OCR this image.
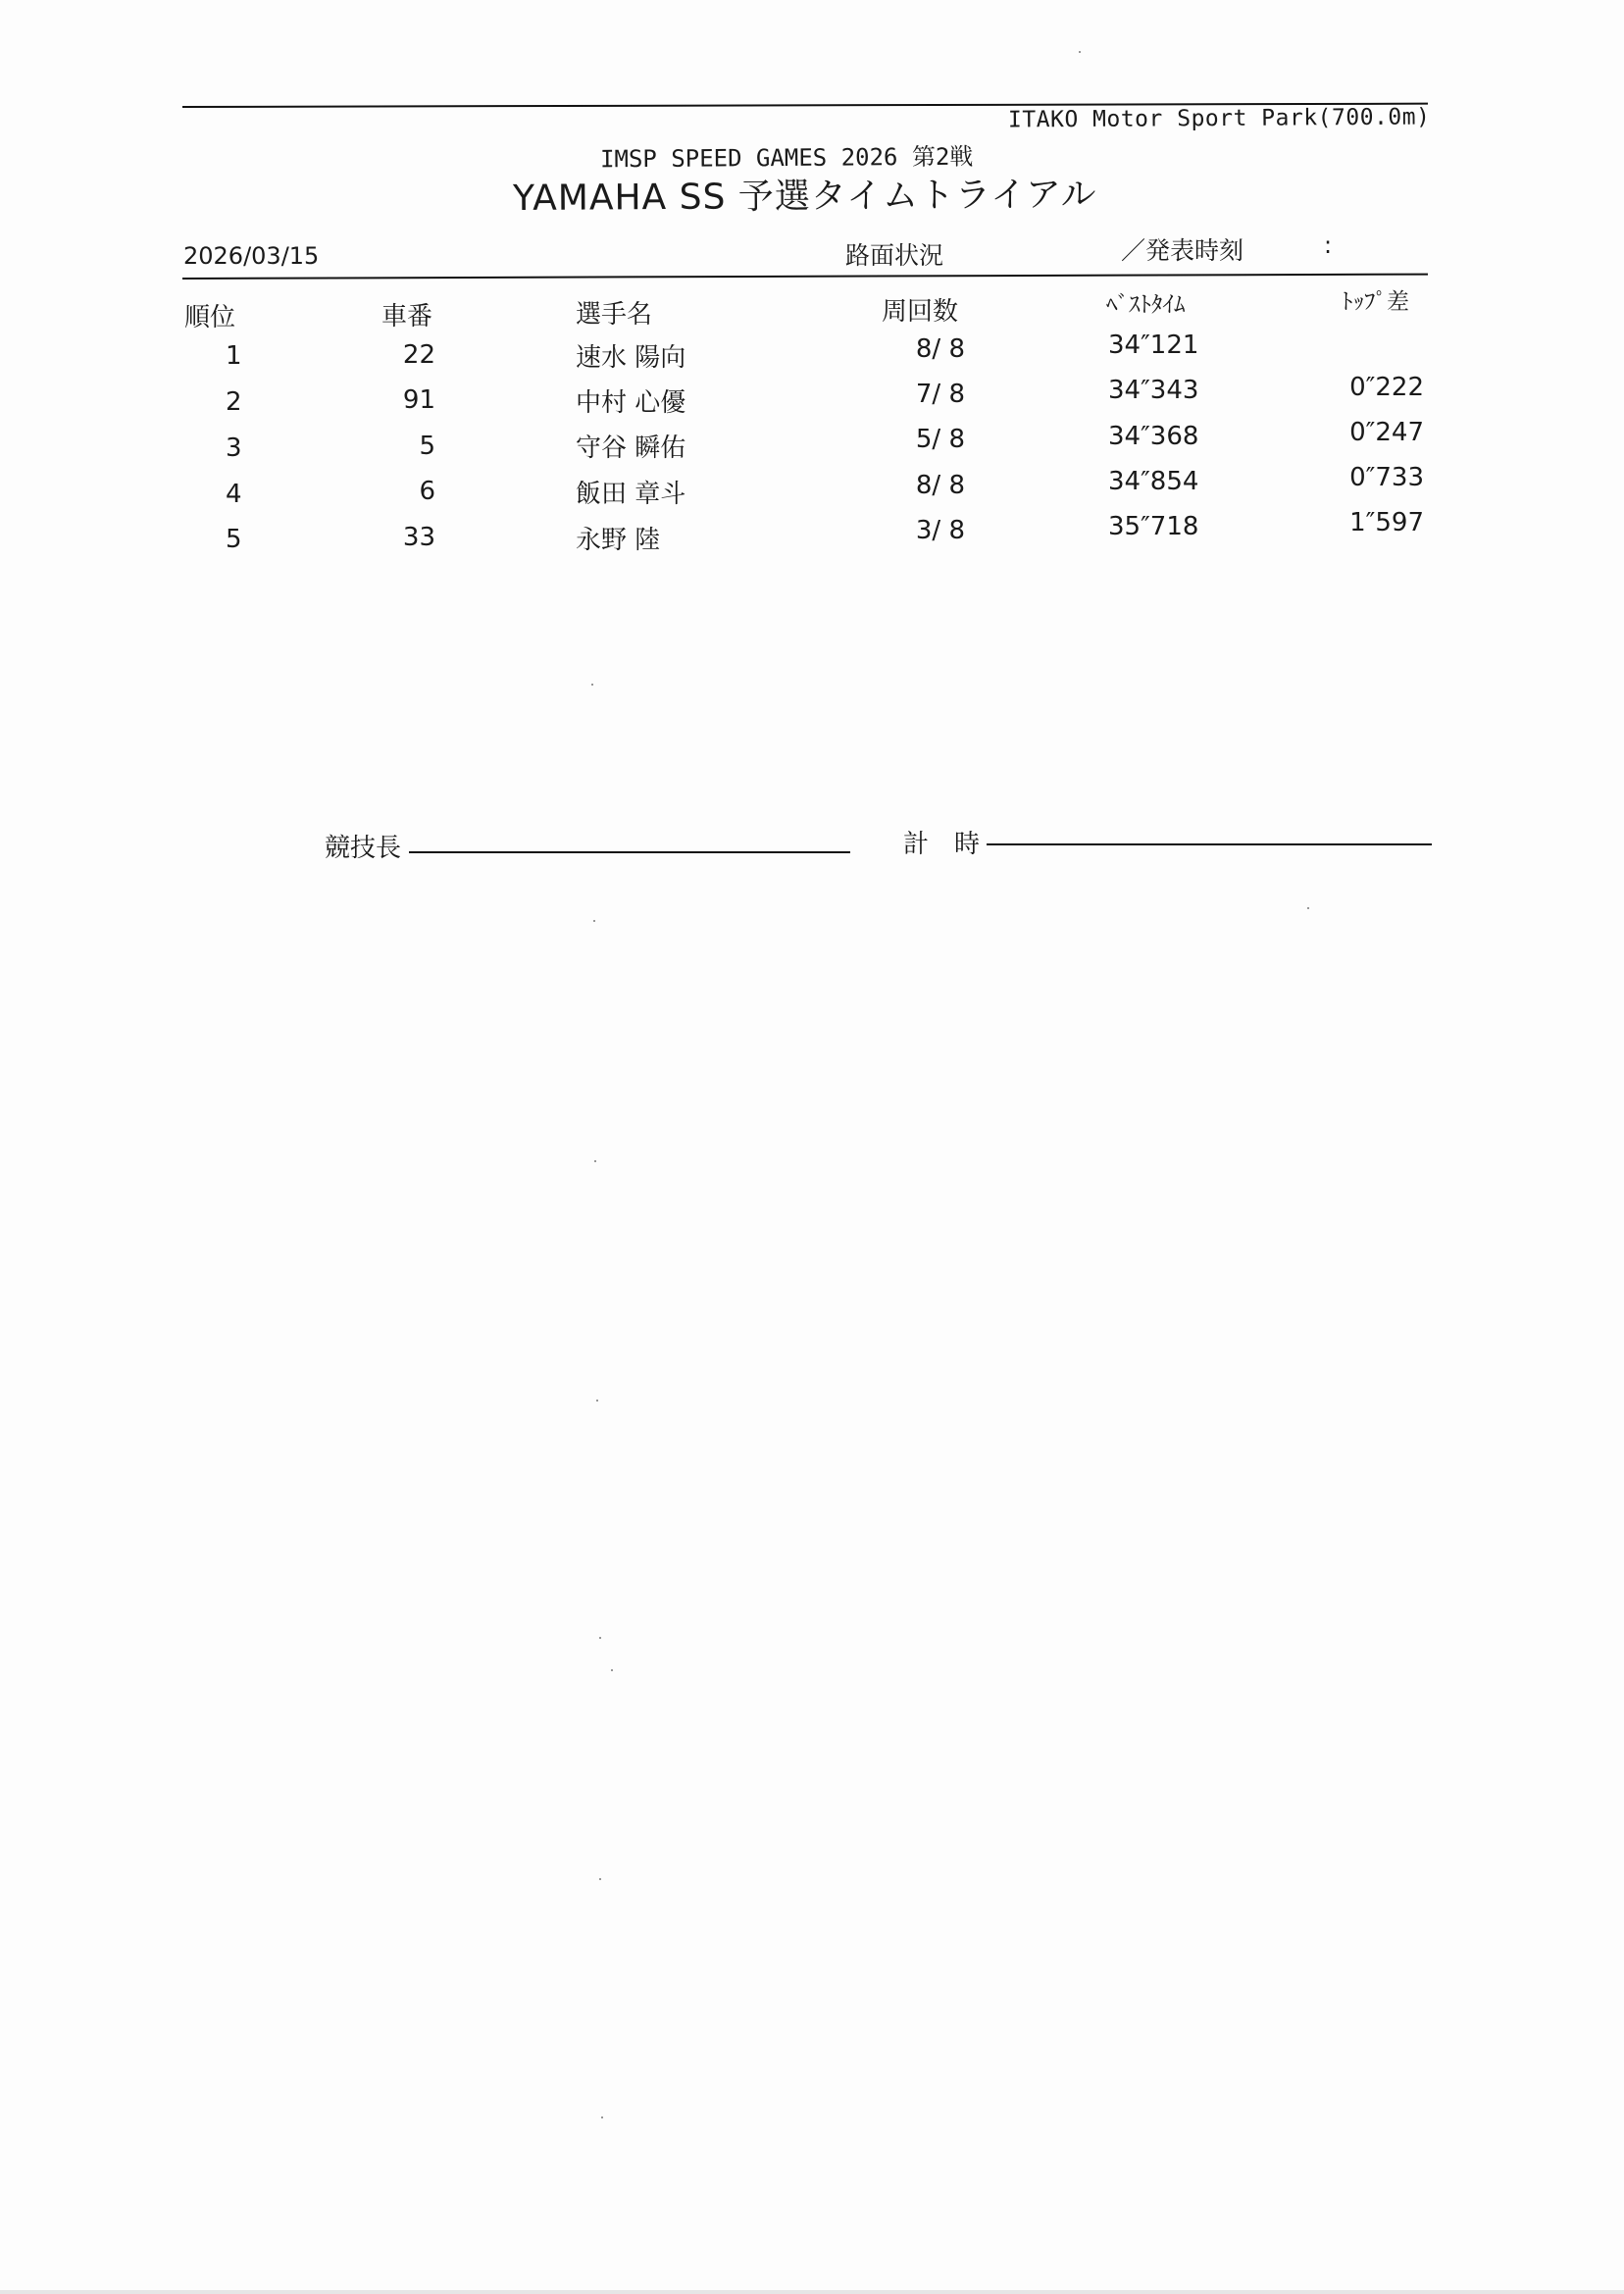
ITAKO Motor Sport Park(700.0m)
IMSP SPEED GAMES 2026 第2戦
YAMAHA SS 予選タイムトライアル
2026/03/15	路面状況	／発表時刻	:
順位	車番	選手名	周回数	ﾍﾞｽﾄﾀｲﾑ	ﾄｯﾌﾟ差
1	22	速水 陽向	8/ 8	34″121
2	91	中村 心優	7/ 8	34″343	0″222
3	5	守谷 瞬佑	5/ 8	34″368	0″247
4	6	飯田 章斗	8/ 8	34″854	0″733
5	33	永野 陸	3/ 8	35″718	1″597
競技長	計　時
